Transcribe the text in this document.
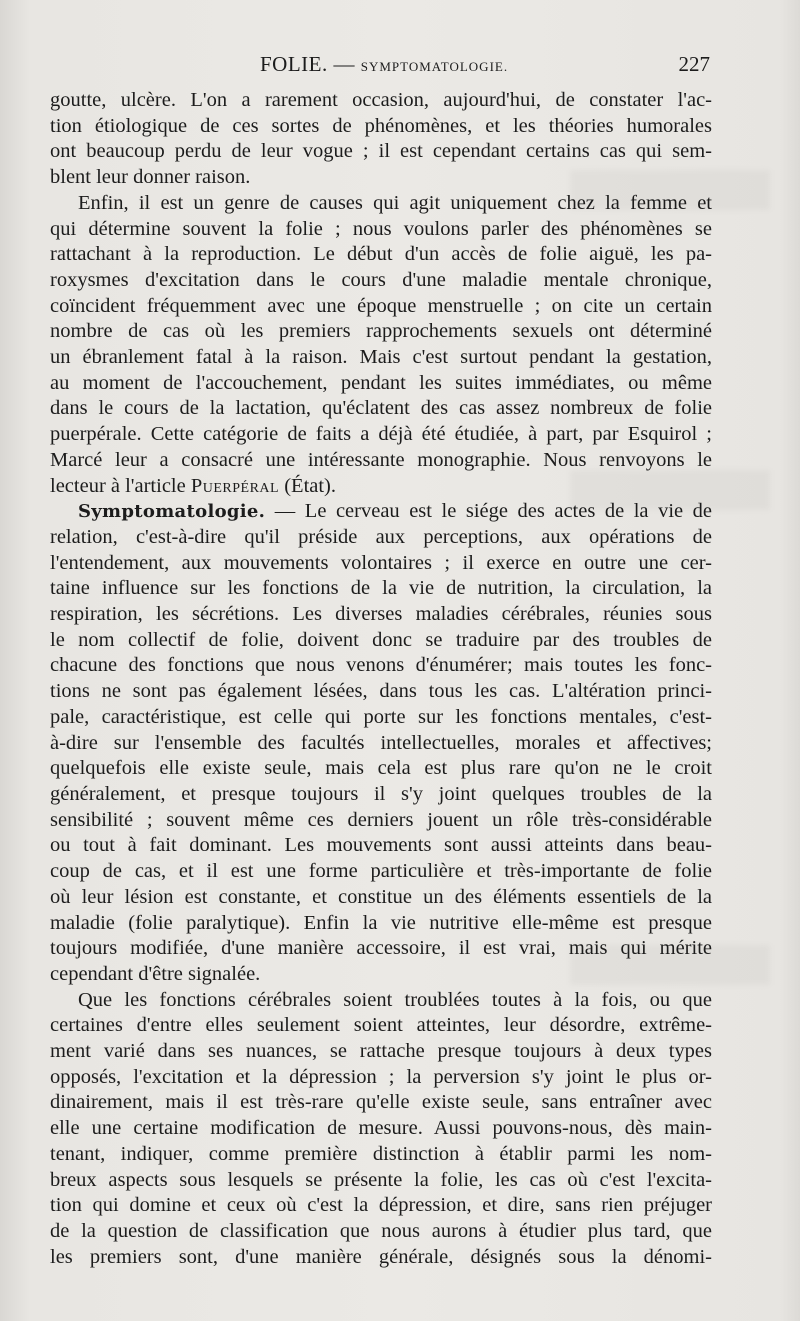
FOLIE. — SYMPTOMATOLOGIE.	227

goutte, ulcère. L'on a rarement occasion, aujourd'hui, de constater l'ac-

tion étiologique de ces sortes de phénomènes, et les théories humorales

ont beaucoup perdu de leur vogue ; il est cependant certains cas qui sem-

blent leur donner raison.

Enfin, il est un genre de causes qui agit uniquement chez la femme et

qui détermine souvent la folie ; nous voulons parler des phénomènes se

rattachant à la reproduction. Le début d'un accès de folie aiguë, les pa-

roxysmes d'excitation dans le cours d'une maladie mentale chronique,

coïncident fréquemment avec une époque menstruelle ; on cite un certain

nombre de cas où les premiers rapprochements sexuels ont déterminé

un ébranlement fatal à la raison. Mais c'est surtout pendant la gestation,

au moment de l'accouchement, pendant les suites immédiates, ou même

dans le cours de la lactation, qu'éclatent des cas assez nombreux de folie

puerpérale. Cette catégorie de faits a déjà été étudiée, à part, par Esquirol ;

Marcé leur a consacré une intéressante monographie. Nous renvoyons le

lecteur à l'article Puerpéral (État).

Symptomatologie. — Le cerveau est le siége des actes de la vie de

relation, c'est-à-dire qu'il préside aux perceptions, aux opérations de

l'entendement, aux mouvements volontaires ; il exerce en outre une cer-

taine influence sur les fonctions de la vie de nutrition, la circulation, la

respiration, les sécrétions. Les diverses maladies cérébrales, réunies sous

le nom collectif de folie, doivent donc se traduire par des troubles de

chacune des fonctions que nous venons d'énumérer; mais toutes les fonc-

tions ne sont pas également lésées, dans tous les cas. L'altération princi-

pale, caractéristique, est celle qui porte sur les fonctions mentales, c'est-

à-dire sur l'ensemble des facultés intellectuelles, morales et affectives;

quelquefois elle existe seule, mais cela est plus rare qu'on ne le croit

généralement, et presque toujours il s'y joint quelques troubles de la

sensibilité ; souvent même ces derniers jouent un rôle très-considérable

ou tout à fait dominant. Les mouvements sont aussi atteints dans beau-

coup de cas, et il est une forme particulière et très-importante de folie

où leur lésion est constante, et constitue un des éléments essentiels de la

maladie (folie paralytique). Enfin la vie nutritive elle-même est presque

toujours modifiée, d'une manière accessoire, il est vrai, mais qui mérite

cependant d'être signalée.

Que les fonctions cérébrales soient troublées toutes à la fois, ou que

certaines d'entre elles seulement soient atteintes, leur désordre, extrême-

ment varié dans ses nuances, se rattache presque toujours à deux types

opposés, l'excitation et la dépression ; la perversion s'y joint le plus or-

dinairement, mais il est très-rare qu'elle existe seule, sans entraîner avec

elle une certaine modification de mesure. Aussi pouvons-nous, dès main-

tenant, indiquer, comme première distinction à établir parmi les nom-

breux aspects sous lesquels se présente la folie, les cas où c'est l'excita-

tion qui domine et ceux où c'est la dépression, et dire, sans rien préjuger

de la question de classification que nous aurons à étudier plus tard, que

les premiers sont, d'une manière générale, désignés sous la dénomi-
